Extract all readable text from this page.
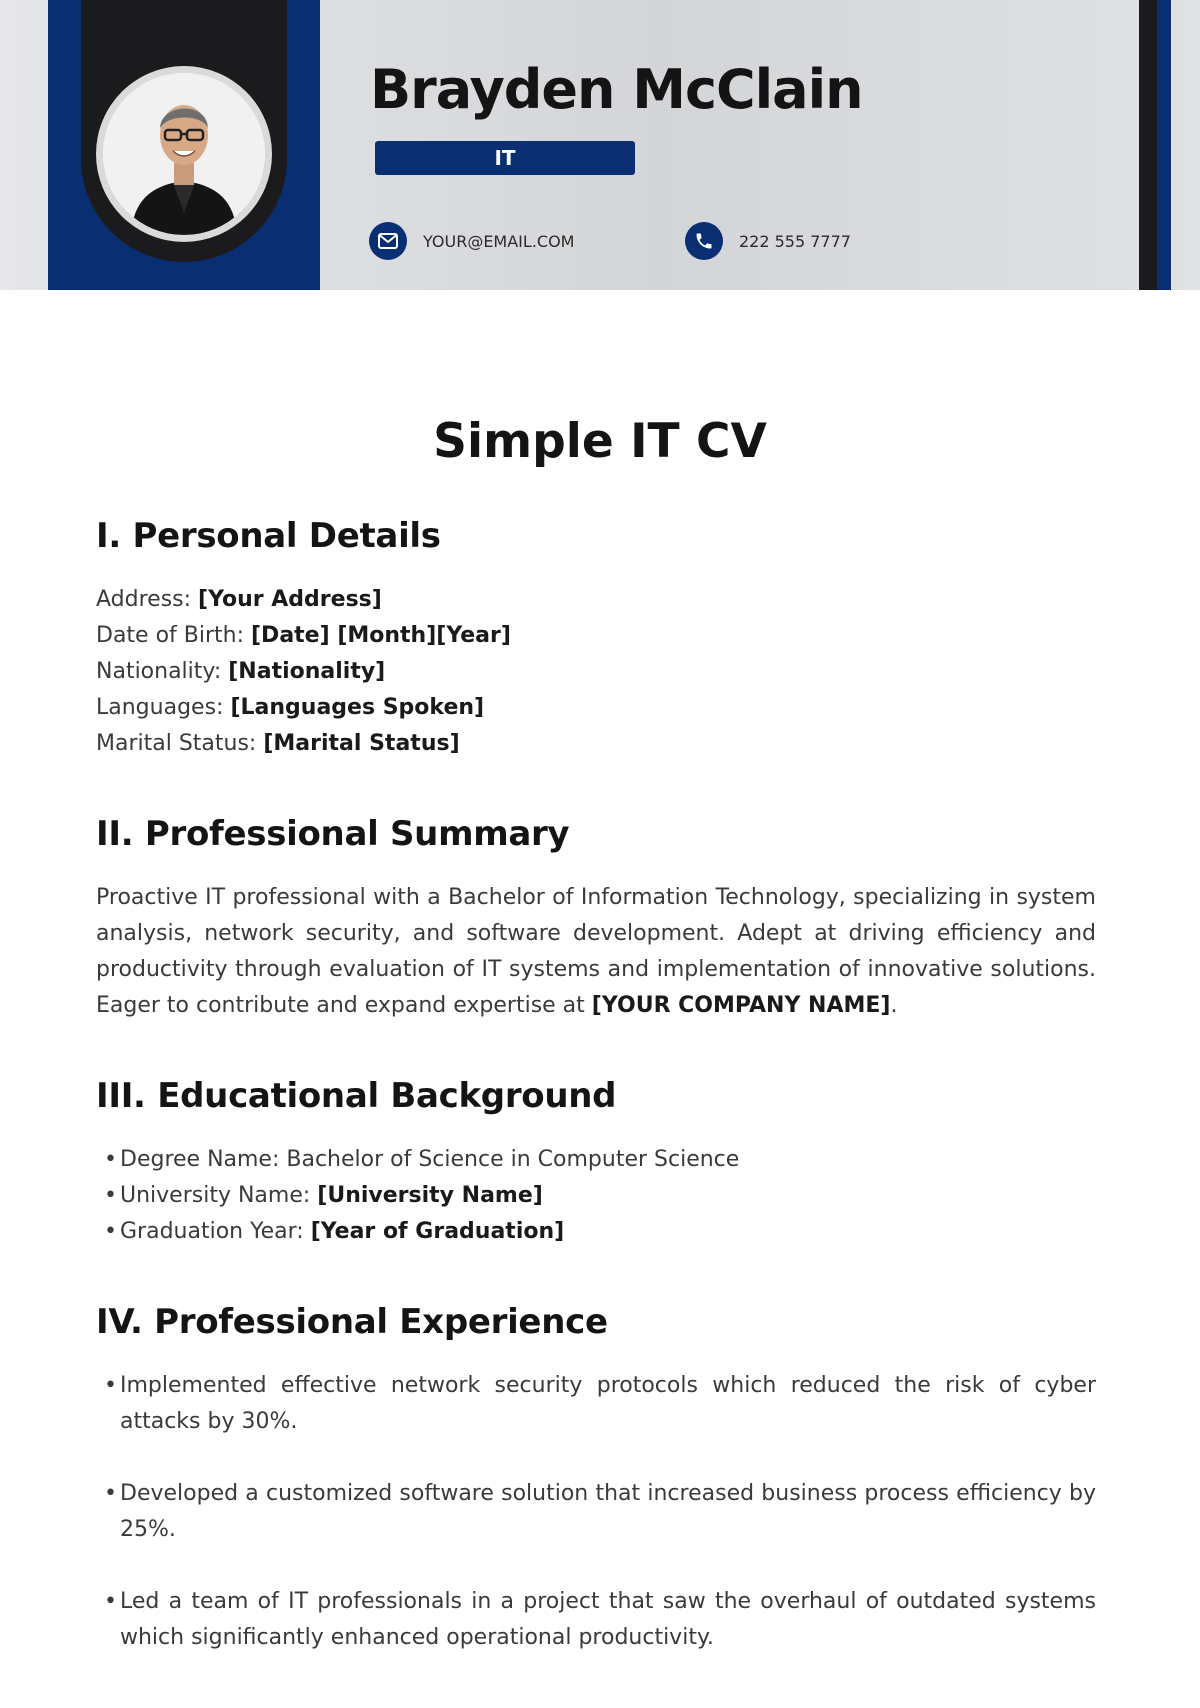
Brayden McClain
IT
YOUR@EMAIL.COM	222 555 7777
Simple IT CV
I. Personal Details

Address: [Your Address]

Date of Birth: [Date] [Month][Year]

Nationality: [Nationality]

Languages: [Languages Spoken]

Marital Status: [Marital Status]

II. Professional Summary

Proactive IT professional with a Bachelor of Information Technology, specializing in system analysis, network security, and software development. Adept at driving efficiency and productivity through evaluation of IT systems and implementation of innovative solutions. Eager to contribute and expand expertise at [YOUR COMPANY NAME].

III. Educational Background
• Degree Name: Bachelor of Science in Computer Science
• University Name: [University Name]
• Graduation Year: [Year of Graduation]
IV. Professional Experience
• Implemented effective network security protocols which reduced the risk of cyber attacks by 30%.
• Developed a customized software solution that increased business process efficiency by 25%.
• Led a team of IT professionals in a project that saw the overhaul of outdated systems which significantly enhanced operational productivity.
